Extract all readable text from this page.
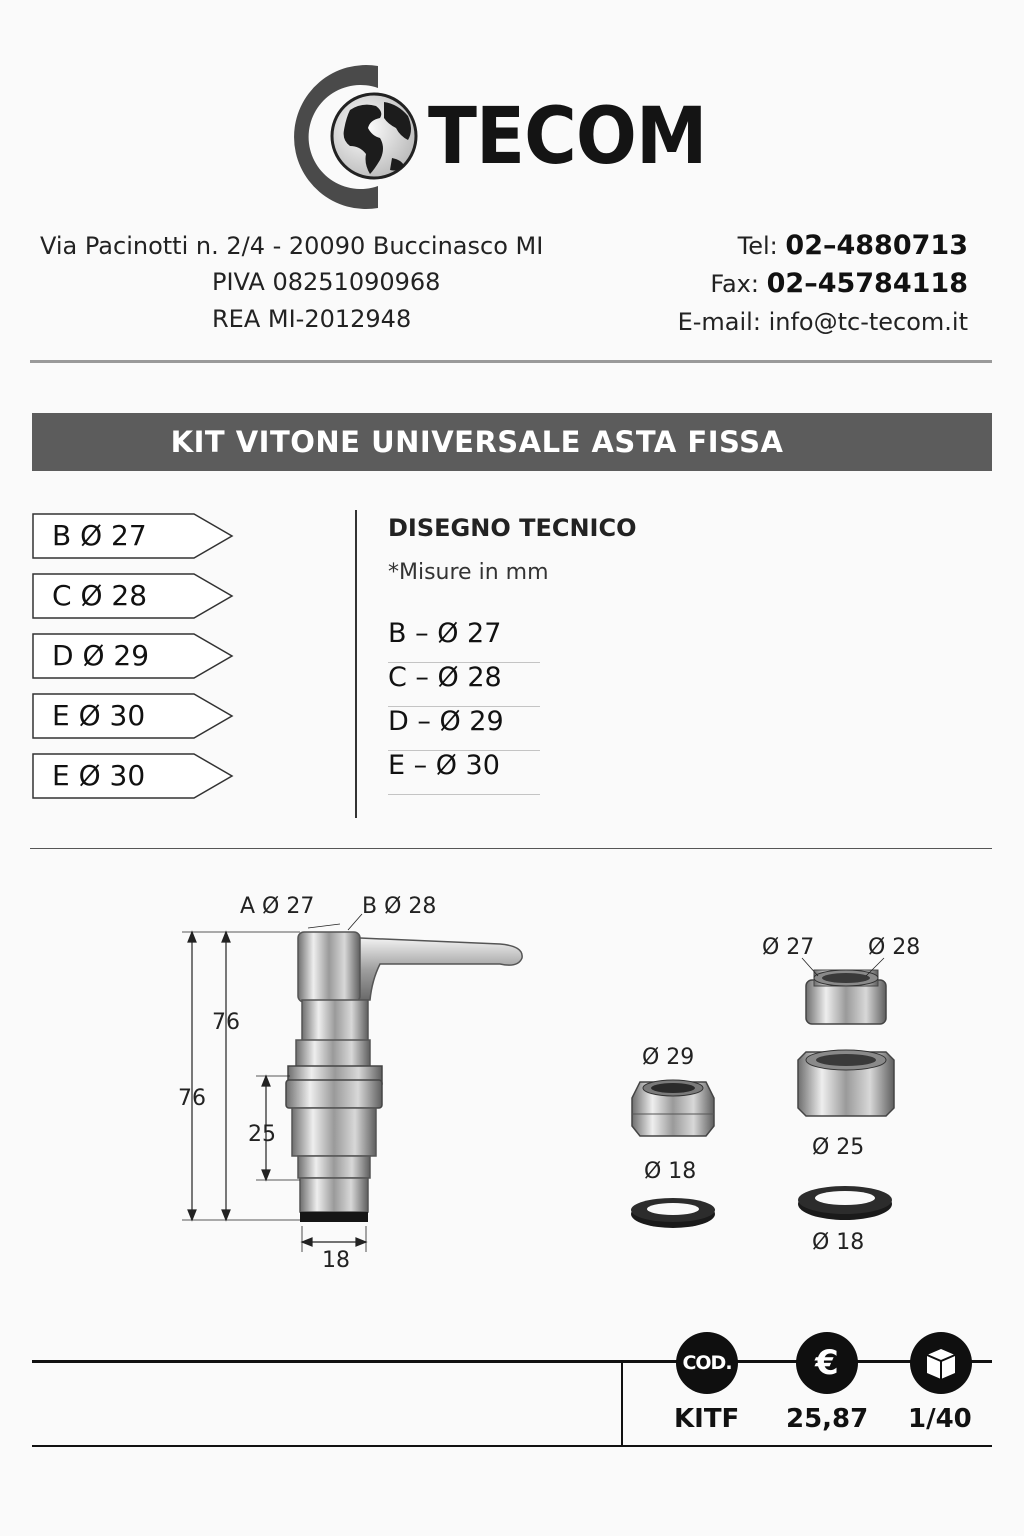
TECOM
Via Pacinotti n. 2/4 - 20090 Buccinasco MI
PIVA 08251090968
REA MI-2012948
Tel: 02–4880713
Fax: 02–45784118
E-mail: info@tc-tecom.it
KIT VITONE UNIVERSALE ASTA FISSA
B Ø 27
C Ø 28
D Ø 29
E Ø 30
E Ø 30
DISEGNO TECNICO
*Misure in mm
B – Ø 27
C – Ø 28
D – Ø 29
E – Ø 30
A Ø 27 B Ø 28
76
76
25
18
Ø 29
Ø 18
Ø 27 Ø 28
Ø 25
Ø 18
COD. €
KITF 25,87 1/40
